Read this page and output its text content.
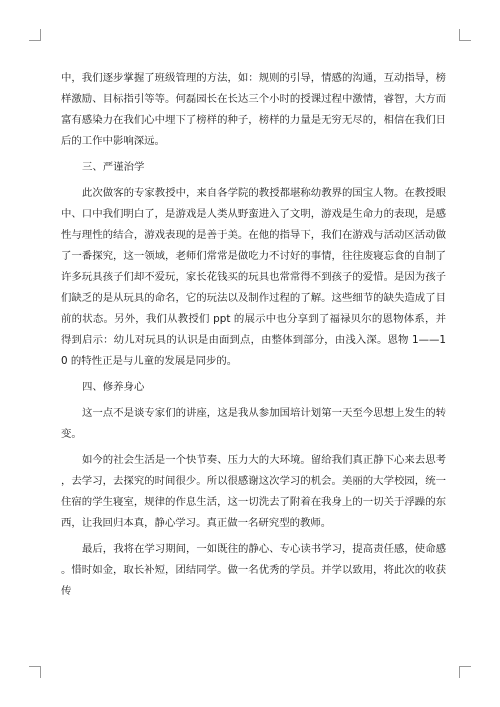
中，我们逐步掌握了班级管理的方法，如：规则的引导，情感的沟通，互动指导，榜样激励、目标指引等等。何磊园长在长达三个小时的授课过程中激情，睿智，大方而富有感染力在我们心中埋下了榜样的种子，榜样的力量是无穷无尽的，相信在我们日后的工作中影响深远。

三、严谨治学

此次做客的专家教授中，来自各学院的教授都堪称幼教界的国宝人物。在教授眼中、口中我们明白了，是游戏是人类从野蛮进入了文明，游戏是生命力的表现，是感性与理性的结合，游戏表现的是善于美。在他的指导下，我们在游戏与活动区活动做了一番探究，这一领域，老师们常常是做吃力不讨好的事情，往往废寝忘食的自制了许多玩具孩子们却不爱玩，家长花钱买的玩具也常常得不到孩子的爱惜。是因为孩子们缺乏的是从玩具的命名，它的玩法以及制作过程的了解。这些细节的缺失造成了目前的状态。另外，我们从教授们 ppt 的展示中也分享到了福禄贝尔的恩物体系，并得到启示：幼儿对玩具的认识是由面到点，由整体到部分，由浅入深。恩物 1——10 的特性正是与儿童的发展是同步的。

四、修养身心

这一点不是谈专家们的讲座，这是我从参加国培计划第一天至今思想上发生的转变。

如今的社会生活是一个快节奏、压力大的大环境。留给我们真正静下心来去思考，去学习，去探究的时间很少。所以很感谢这次学习的机会。美丽的大学校园，统一住宿的学生寝室，规律的作息生活，这一切洗去了附着在我身上的一切关于浮躁的东西，让我回归本真，静心学习。真正做一名研究型的教师。

最后，我将在学习期间，一如既往的静心、专心读书学习，提高责任感，使命感。惜时如金，取长补短，团结同学。做一名优秀的学员。并学以致用，将此次的收获传
